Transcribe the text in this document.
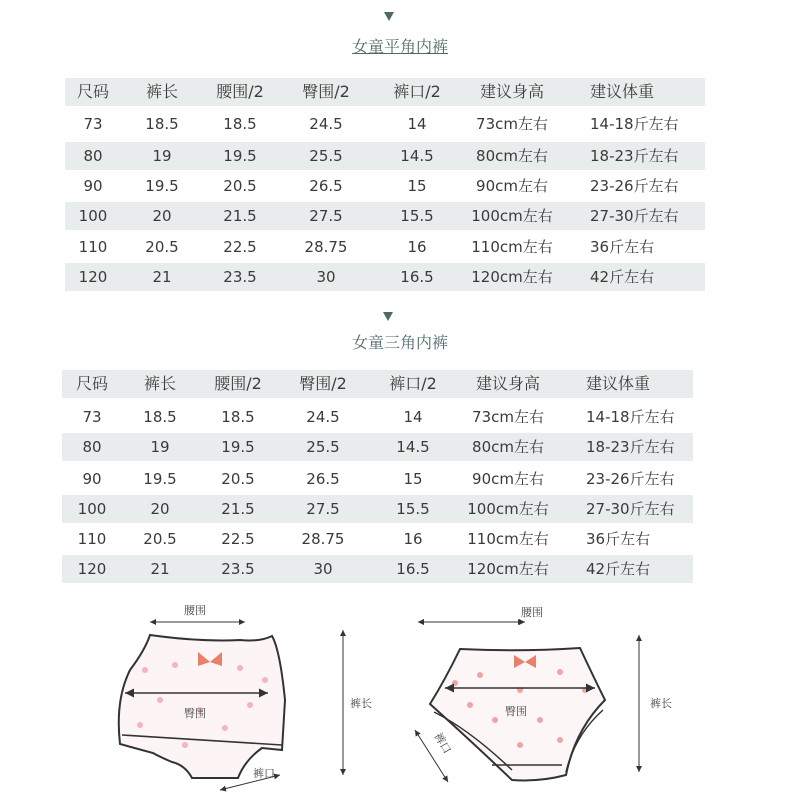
女童平角内裤
尺码 裤长 腰围/2 臀围/2	裤口/2 建议身高	建议体重
73	18.5	18.5	24.5	14	73cm左右	14-18斤左右
80	19	19.5	25.5	14.5	80cm左右	18-23斤左右
90	19.5	20.5	26.5	15	90cm左右	23-26斤左右
100	20	21.5	27.5	15.5	100cm左右 27-30斤左右
110	20.5	22.5	28.75	16	110cm左右 36斤左右
120	21	23.5	30	16.5	120cm左右 42斤左右
女童三角内裤
尺码 裤长 腰围/2 臀围/2	裤口/2 建议身高	建议体重
73	18.5	18.5	24.5	14	73cm左右	14-18斤左右
80	19	19.5	25.5	14.5	80cm左右	18-23斤左右
90	19.5	20.5	26.5	15	90cm左右	23-26斤左右
100	20	21.5	27.5	15.5	100cm左右 27-30斤左右
110 20.5	22.5	28.75	16	110cm左右 36斤左右
120	21	23.5	30	16.5	120cm左右 42斤左右
腰围
臀围
裤长
裤口
腰围
臀围
裤长
裤口
